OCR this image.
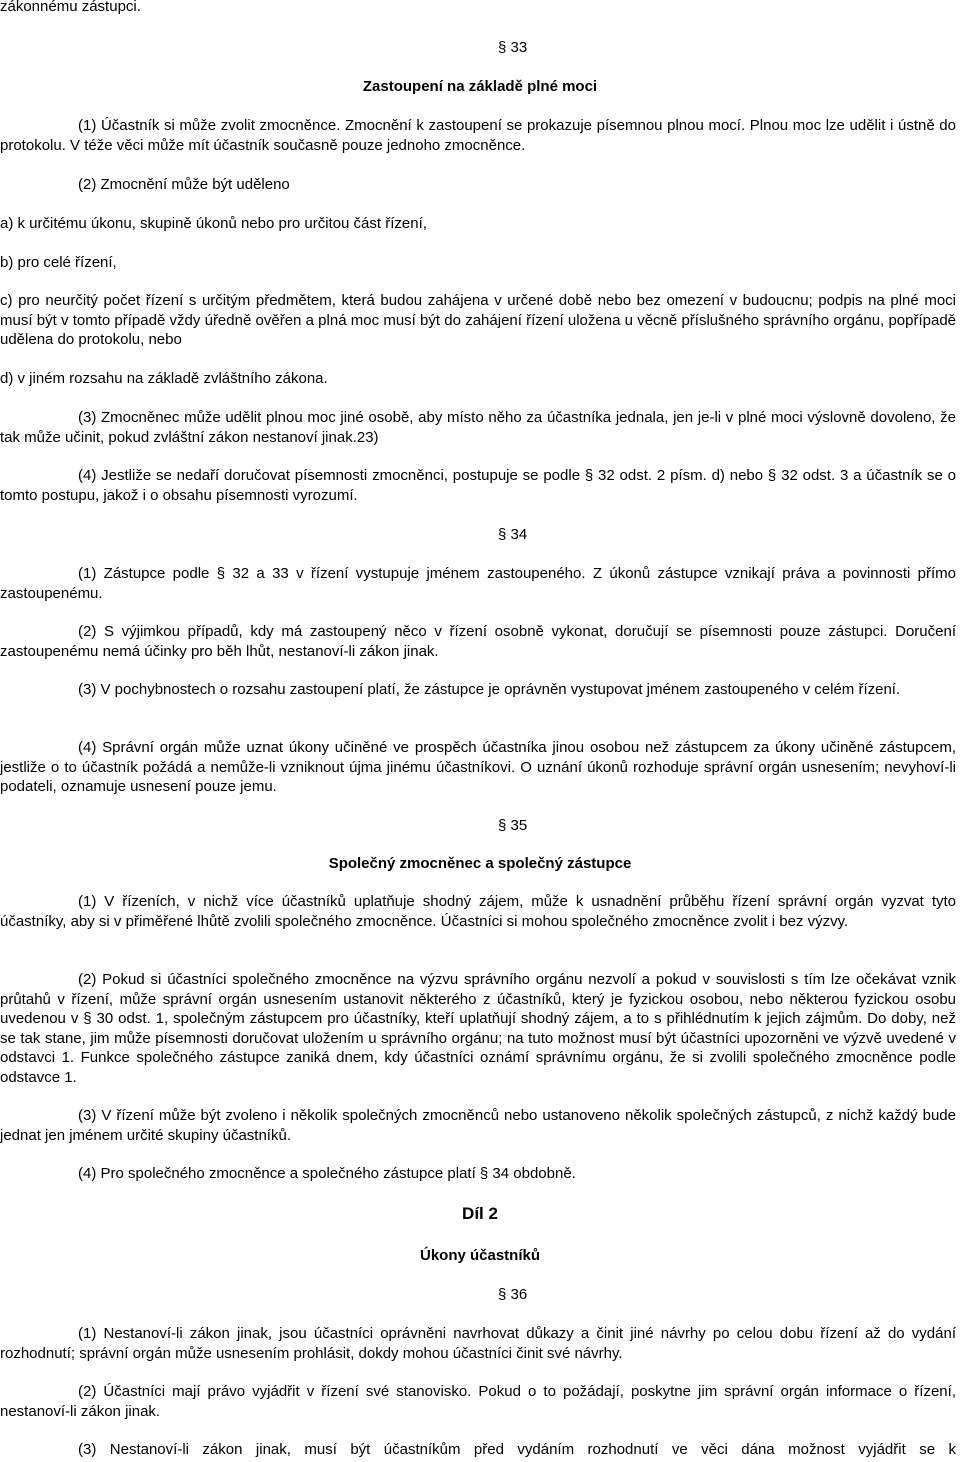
zákonnému zástupci.

§ 33

Zastoupení na základě plné moci

(1) Účastník si může zvolit zmocněnce. Zmocnění k zastoupení se prokazuje písemnou plnou mocí. Plnou moc lze udělit i ústně do protokolu. V téže věci může mít účastník současně pouze jednoho zmocněnce.

(2) Zmocnění může být uděleno

a) k určitému úkonu, skupině úkonů nebo pro určitou část řízení,

b) pro celé řízení,

c) pro neurčitý počet řízení s určitým předmětem, která budou zahájena v určené době nebo bez omezení v budoucnu; podpis na plné moci musí být v tomto případě vždy úředně ověřen a plná moc musí být do zahájení řízení uložena u věcně příslušného správního orgánu, popřípadě udělena do protokolu, nebo

d) v jiném rozsahu na základě zvláštního zákona.

(3) Zmocněnec může udělit plnou moc jiné osobě, aby místo něho za účastníka jednala, jen je-li v plné moci výslovně dovoleno, že tak může učinit, pokud zvláštní zákon nestanoví jinak.23)

(4) Jestliže se nedaří doručovat písemnosti zmocněnci, postupuje se podle § 32 odst. 2 písm. d) nebo § 32 odst. 3 a účastník se o tomto postupu, jakož i o obsahu písemnosti vyrozumí.

§ 34

(1) Zástupce podle § 32 a 33 v řízení vystupuje jménem zastoupeného. Z úkonů zástupce vznikají práva a povinnosti přímo zastoupenému.

(2) S výjimkou případů, kdy má zastoupený něco v řízení osobně vykonat, doručují se písemnosti pouze zástupci. Doručení zastoupenému nemá účinky pro běh lhůt, nestanoví-li zákon jinak.

(3) V pochybnostech o rozsahu zastoupení platí, že zástupce je oprávněn vystupovat jménem zastoupeného v celém řízení.

(4) Správní orgán může uznat úkony učiněné ve prospěch účastníka jinou osobou než zástupcem za úkony učiněné zástupcem, jestliže o to účastník požádá a nemůže-li vzniknout újma jinému účastníkovi. O uznání úkonů rozhoduje správní orgán usnesením; nevyhoví-li podateli, oznamuje usnesení pouze jemu.

§ 35

Společný zmocněnec a společný zástupce

(1) V řízeních, v nichž více účastníků uplatňuje shodný zájem, může k usnadnění průběhu řízení správní orgán vyzvat tyto účastníky, aby si v přiměřené lhůtě zvolili společného zmocněnce. Účastníci si mohou společného zmocněnce zvolit i bez výzvy.

(2) Pokud si účastníci společného zmocněnce na výzvu správního orgánu nezvolí a pokud v souvislosti s tím lze očekávat vznik průtahů v řízení, může správní orgán usnesením ustanovit některého z účastníků, který je fyzickou osobou, nebo některou fyzickou osobu uvedenou v § 30 odst. 1, společným zástupcem pro účastníky, kteří uplatňují shodný zájem, a to s přihlédnutím k jejich zájmům. Do doby, než se tak stane, jim může písemnosti doručovat uložením u správního orgánu; na tuto možnost musí být účastníci upozorněni ve výzvě uvedené v odstavci 1. Funkce společného zástupce zaniká dnem, kdy účastníci oznámí správnímu orgánu, že si zvolili společného zmocněnce podle odstavce 1.

(3) V řízení může být zvoleno i několik společných zmocněnců nebo ustanoveno několik společných zástupců, z nichž každý bude jednat jen jménem určité skupiny účastníků.

(4) Pro společného zmocněnce a společného zástupce platí § 34 obdobně.

Díl 2

Úkony účastníků

§ 36

(1) Nestanoví-li zákon jinak, jsou účastníci oprávněni navrhovat důkazy a činit jiné návrhy po celou dobu řízení až do vydání rozhodnutí; správní orgán může usnesením prohlásit, dokdy mohou účastníci činit své návrhy.

(2) Účastníci mají právo vyjádřit v řízení své stanovisko. Pokud o to požádají, poskytne jim správní orgán informace o řízení, nestanoví-li zákon jinak.

(3) Nestanoví-li zákon jinak, musí být účastníkům před vydáním rozhodnutí ve věci dána možnost vyjádřit se k
